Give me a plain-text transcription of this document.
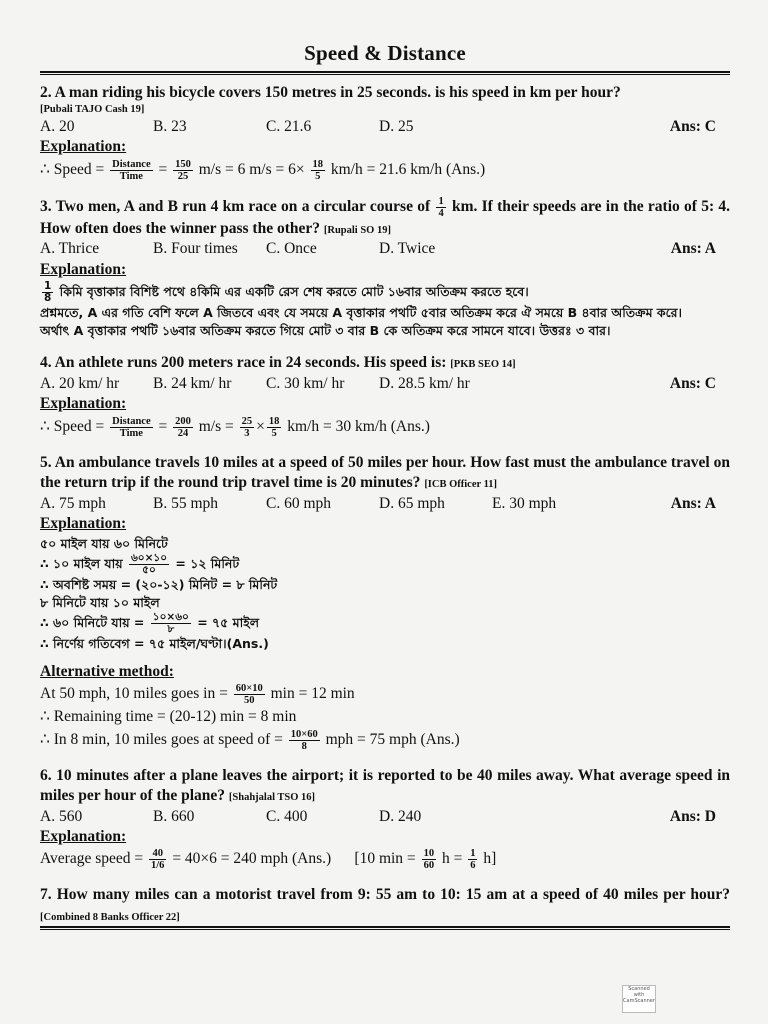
Speed & Distance
2. A man riding his bicycle covers 150 metres in 25 seconds. is his speed in km per hour?
[Pubali TAJO Cash 19]
A. 20	B. 23	C. 21.6	D. 25	Ans: C
Explanation:
∴ Speed = $\frac{\text{Distance}}{\text{Time}} = \frac{150}{25} m/s = 6$ $m/s = 6\times \frac{18}{5} km/h = 21.6$ km/h (Ans.)
3. Two men, A and B run 4 km race on a circular course of $\frac{1}{4}$ km. If their speeds are in the ratio of 5: 4. How often does the winner pass the other? [Rupali SO 19]
A. Thrice	B. Four times	C. Once	D. Twice	Ans: A
Explanation:
$\frac{1}{8}$ কিমি বৃত্তাকার বিশিষ্ট পথে ৪কিমি এর একটি রেস শেষ করতে মোট ১৬বার অতিক্রম করতে হবে।
প্রশ্নমতে, A এর গতি বেশি ফলে A জিতবে এবং যে সময়ে A বৃত্তাকার পথটি ৫বার অতিক্রম করে ঐ সময়ে B ৪বার অতিক্রম করে।
অর্থাৎ A বৃত্তাকার পথটি ১৬বার অতিক্রম করতে গিয়ে মোট ৩ বার B কে অতিক্রম করে সামনে যাবে। উত্তরঃ ৩ বার।
4. An athlete runs 200 meters race in 24 seconds. His speed is: [PKB SEO 14]
A. 20 km/ hr	B. 24 km/ hr	C. 30 km/ hr	D. 28.5 km/ hr	Ans: C
Explanation:
∴ Speed = $\frac{\text{Distance}}{\text{Time}} = \frac{200}{24} m/s = \frac{25}{3} \times \frac{18}{5} km/h = 30$ km/h (Ans.)
5. An ambulance travels 10 miles at a speed of 50 miles per hour. How fast must the ambulance travel on the return trip if the round trip travel time is 20 minutes? [ICB Officer 11]
A. 75 mph	B. 55 mph	C. 60 mph	D. 65 mph	E. 30 mph	Ans: A
Explanation:
৫০ মাইল যায় ৬০ মিনিটে
∴ ১০ মাইল যায় $\frac{৬০\times ১০}{৫০}$ = ১২ মিনিট
∴ অবশিষ্ট সময় = (২০-১২) মিনিট = ৮ মিনিট
৮ মিনিটে যায় ১০ মাইল
∴ ৬০ মিনিটে যায় = $\frac{১০\times ৬০}{৮}$ = ৭৫ মাইল
∴ নির্ণেয় গতিবেগ = ৭৫ মাইল/ঘণ্টা।(Ans.)
Alternative method:
At 50 mph, 10 miles goes in = $\frac{60\times 10}{50}$ min = 12 min
∴ Remaining time = (20-12) min = 8 min
∴ In 8 min, 10 miles goes at speed of = $\frac{10\times 60}{8}$ mph = 75 mph (Ans.)
6. 10 minutes after a plane leaves the airport; it is reported to be 40 miles away. What average speed in miles per hour of the plane? [Shahjalal TSO 16]
A. 560	B. 660	C. 400	D. 240	Ans: D
Explanation:
Average speed = $\frac{40}{1/6} = 40\times 6 = 240$ mph (Ans.) [10 $\min = \frac{10}{60}$ $h = \frac{1}{6} h$]
7. How many miles can a motorist travel from 9: 55 am to 10: 15 am at a speed of 40 miles per hour? [Combined 8 Banks Officer 22]
Scanned with CamScanner
